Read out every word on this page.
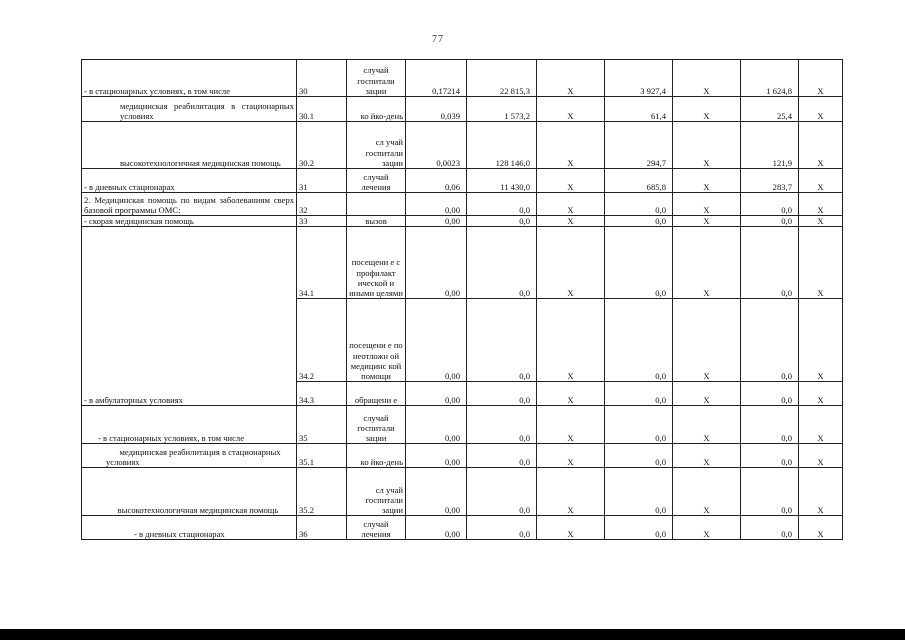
77
- в стационарных условиях, в том числе	30	случай госпитали зации	0,17214	22 815,3	Х	3 927,4	Х	1 624,8	Х
медицинская реабилитация в стационарных условиях	30.1	ко йко-день	0,039	1 573,2	Х	61,4	Х	25,4	Х
высокотехнологичная медицинская помощь	30.2	сл учай госпитали зации	0,0023	128 146,0	Х	294,7	Х	121,9	Х
- в дневных стационарах	31	случай лечения	0,06	11 430,0	Х	685,8	Х	283,7	Х
2. Медицинская помощь по видам заболеваниям сверх базовой программы ОМС:	32		0,00	0,0	Х	0,0	Х	0,0	Х
- скорая медицинская помощь	33	вызов	0,00	0,0	Х	0,0	Х	0,0	Х
- в амбулаторных условиях	34.1	посещени е с профилакт ической и иными целями	0,00	0,0	Х	0,0	Х	0,0	Х
	34.2	посещени е по неотложн ой медицинс кой помощи	0,00	0,0	Х	0,0	Х	0,0	Х
	34.3	обращени е	0,00	0,0	Х	0,0	Х	0,0	Х
- в стационарных условиях, в том числе	35	случай госпитали зации	0,00	0,0	Х	0,0	Х	0,0	Х
медицинская реабилитация в стационарных условиях	35.1	ко йко-день	0,00	0,0	Х	0,0	Х	0,0	Х
высокотехнологичная медицинская помощь	35.2	сл учай госпитали зации	0,00	0,0	Х	0,0	Х	0,0	Х
- в дневных стационарах	36	случай лечения	0,00	0,0	Х	0,0	Х	0,0	Х
